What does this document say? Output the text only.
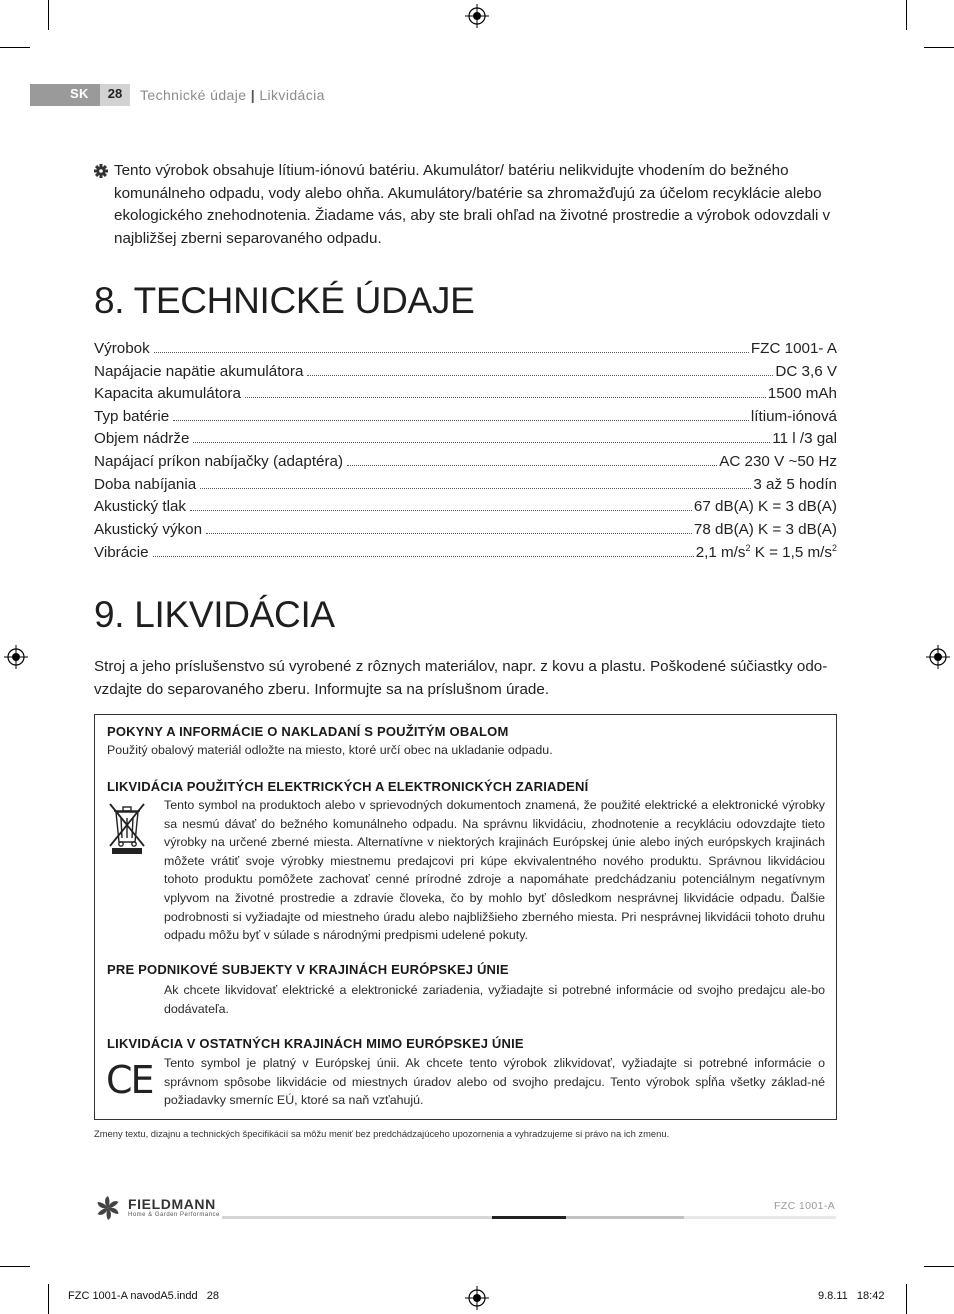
SK	28	Technické údaje | Likvidácia
Tento výrobok obsahuje lítium-iónovú batériu. Akumulátor/ batériu nelikvidujte vhodením do bežného komunálneho odpadu, vody alebo ohňa. Akumulátory/batérie sa zhromažďujú za účelom recyklácie alebo ekologického znehodnotenia. Žiadame vás, aby ste brali ohľad na životné prostredie a výrobok odovzdali v najbližšej zberni separovaného odpadu.
8. TECHNICKÉ ÚDAJE
Výrobok	FZC 1001- A
Napájacie napätie akumulátora	DC 3,6 V
Kapacita akumulátora	1500 mAh
Typ batérie	lítium-iónová
Objem nádrže	11 l /3 gal
Napájací príkon nabíjačky (adaptéra)	AC 230 V ~50 Hz
Doba nabíjania	3 až 5 hodín
Akustický tlak	67 dB(A) K = 3 dB(A)
Akustický výkon	78 dB(A) K = 3 dB(A)
Vibrácie	2,1 $m/s^2$ K = 1,5 $m/s^2$
9. LIKVIDÁCIA
Stroj a jeho príslušenstvo sú vyrobené z rôznych materiálov, napr. z kovu a plastu. Poškodené súčiastky odo-vzdajte do separovaného zberu. Informujte sa na príslušnom úrade.
POKYNY A INFORMÁCIE O NAKLADANÍ S POUŽITÝM OBALOM
Použitý obalový materiál odložte na miesto, ktoré určí obec na ukladanie odpadu.
LIKVIDÁCIA POUŽITÝCH ELEKTRICKÝCH A ELEKTRONICKÝCH ZARIADENÍ
Tento symbol na produktoch alebo v sprievodných dokumentoch znamená, že použité elektrické a elektronické výrobky sa nesmú dávať do bežného komunálneho odpadu. Na správnu likvidáciu, zhodnotenie a recykláciu odovzdajte tieto výrobky na určené zberné miesta. Alternatívne v niektorých krajinách Európskej únie alebo iných európskych krajinách môžete vrátiť svoje výrobky miestnemu predajcovi pri kúpe ekvivalentného nového produktu. Správnou likvidáciou tohoto produktu pomôžete zachovať cenné prírodné zdroje a napomáhate predchádzaniu potenciálnym negatívnym vplyvom na životné prostredie a zdravie človeka, čo by mohlo byť dôsledkom nesprávnej likvidácie odpadu. Ďalšie podrobnosti si vyžiadajte od miestneho úradu alebo najbližšieho zberného miesta. Pri nesprávnej likvidácii tohoto druhu odpadu môžu byť v súlade s národnými predpismi udelené pokuty.
PRE PODNIKOVÉ SUBJEKTY V KRAJINÁCH EURÓPSKEJ ÚNIE
Ak chcete likvidovať elektrické a elektronické zariadenia, vyžiadajte si potrebné informácie od svojho predajcu ale-bo dodávateľa.
LIKVIDÁCIA V OSTATNÝCH KRAJINÁCH MIMO EURÓPSKEJ ÚNIE
CE Tento symbol je platný v Európskej únii. Ak chcete tento výrobok zlikvidovať, vyžiadajte si potrebné informácie o správnom spôsobe likvidácie od miestnych úradov alebo od svojho predajcu. Tento výrobok spĺňa všetky základ-né požiadavky smerníc EÚ, ktoré sa naň vzťahujú.
Zmeny textu, dizajnu a technických špecifikácií sa môžu meniť bez predchádzajúceho upozornenia a vyhradzujeme si právo na ich zmenu.
FIELDMANN
Home & Garden Performance
FZC 1001-A
FZC 1001-A navodA5.indd   28	9.8.11   18:42
